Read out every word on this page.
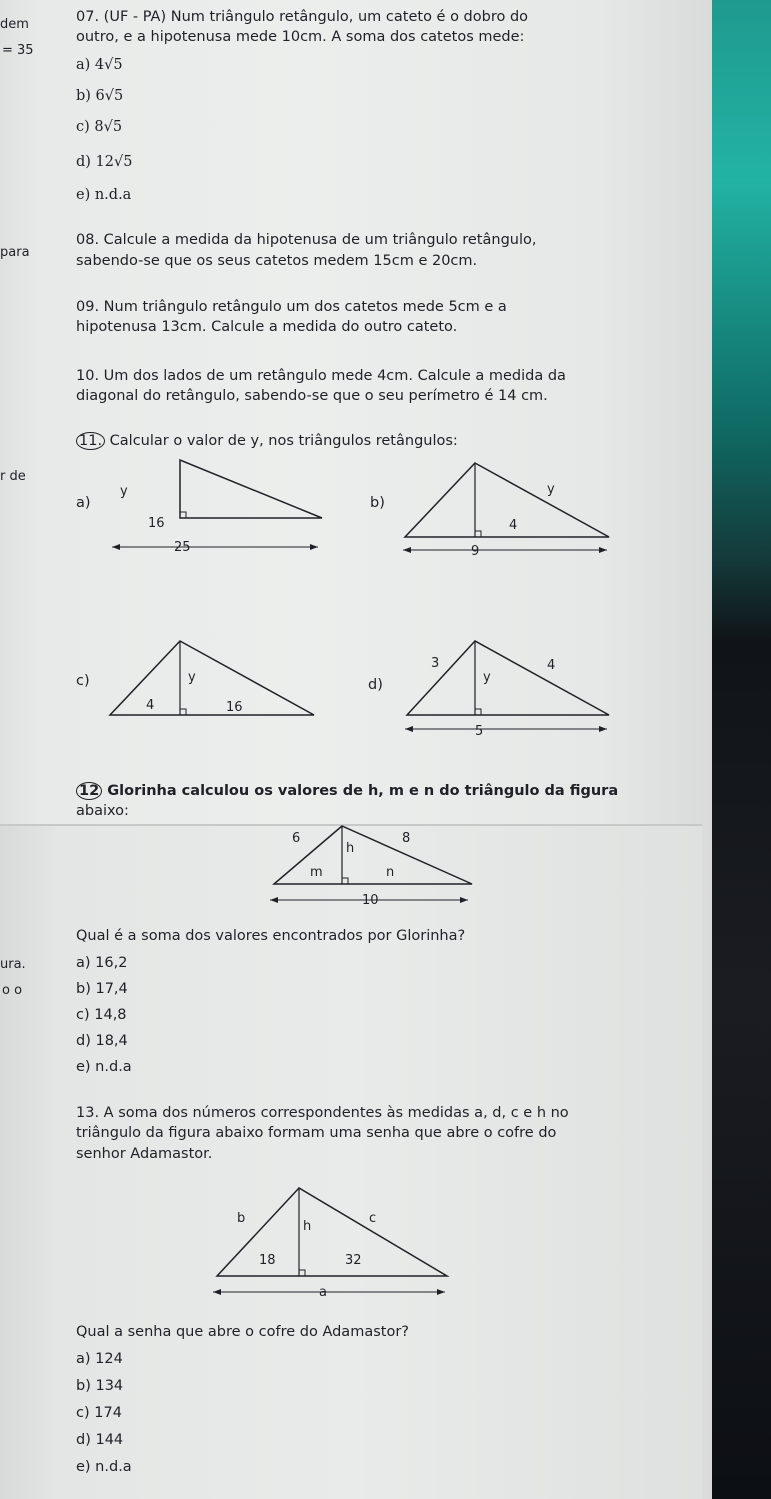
dem
= 35
para
r de
ura.
o o
07. (UF - PA) Num triângulo retângulo, um cateto é o dobro do
outro, e a hipotenusa mede 10cm. A soma dos catetos mede:
a) 4√5
b) 6√5
c) 8√5
d) 12√5
e) n.d.a
08. Calcule a medida da hipotenusa de um triângulo retângulo,
sabendo-se que os seus catetos medem 15cm e 20cm.
09. Num triângulo retângulo um dos catetos mede 5cm e a
hipotenusa 13cm. Calcule a medida do outro cateto.
10. Um dos lados de um retângulo mede 4cm. Calcule a medida da
diagonal do retângulo, sabendo-se que o seu perímetro é 14 cm.
11. Calcular o valor de y, nos triângulos retângulos:
a)
y
16
25
b)
y
4
9
c)	y
4	16
d)
3	4
y
5
12 Glorinha calculou os valores de h, m e n do triângulo da figura
abaixo:
6
h
8
m	n
10
Qual é a soma dos valores encontrados por Glorinha?
a) 16,2
b) 17,4
c) 14,8
d) 18,4
e) n.d.a
13. A soma dos números correspondentes às medidas a, d, c e h no
triângulo da figura abaixo formam uma senha que abre o cofre do
senhor Adamastor.
b
h
c
18	32
a
Qual a senha que abre o cofre do Adamastor?
a) 124
b) 134
c) 174
d) 144
e) n.d.a
